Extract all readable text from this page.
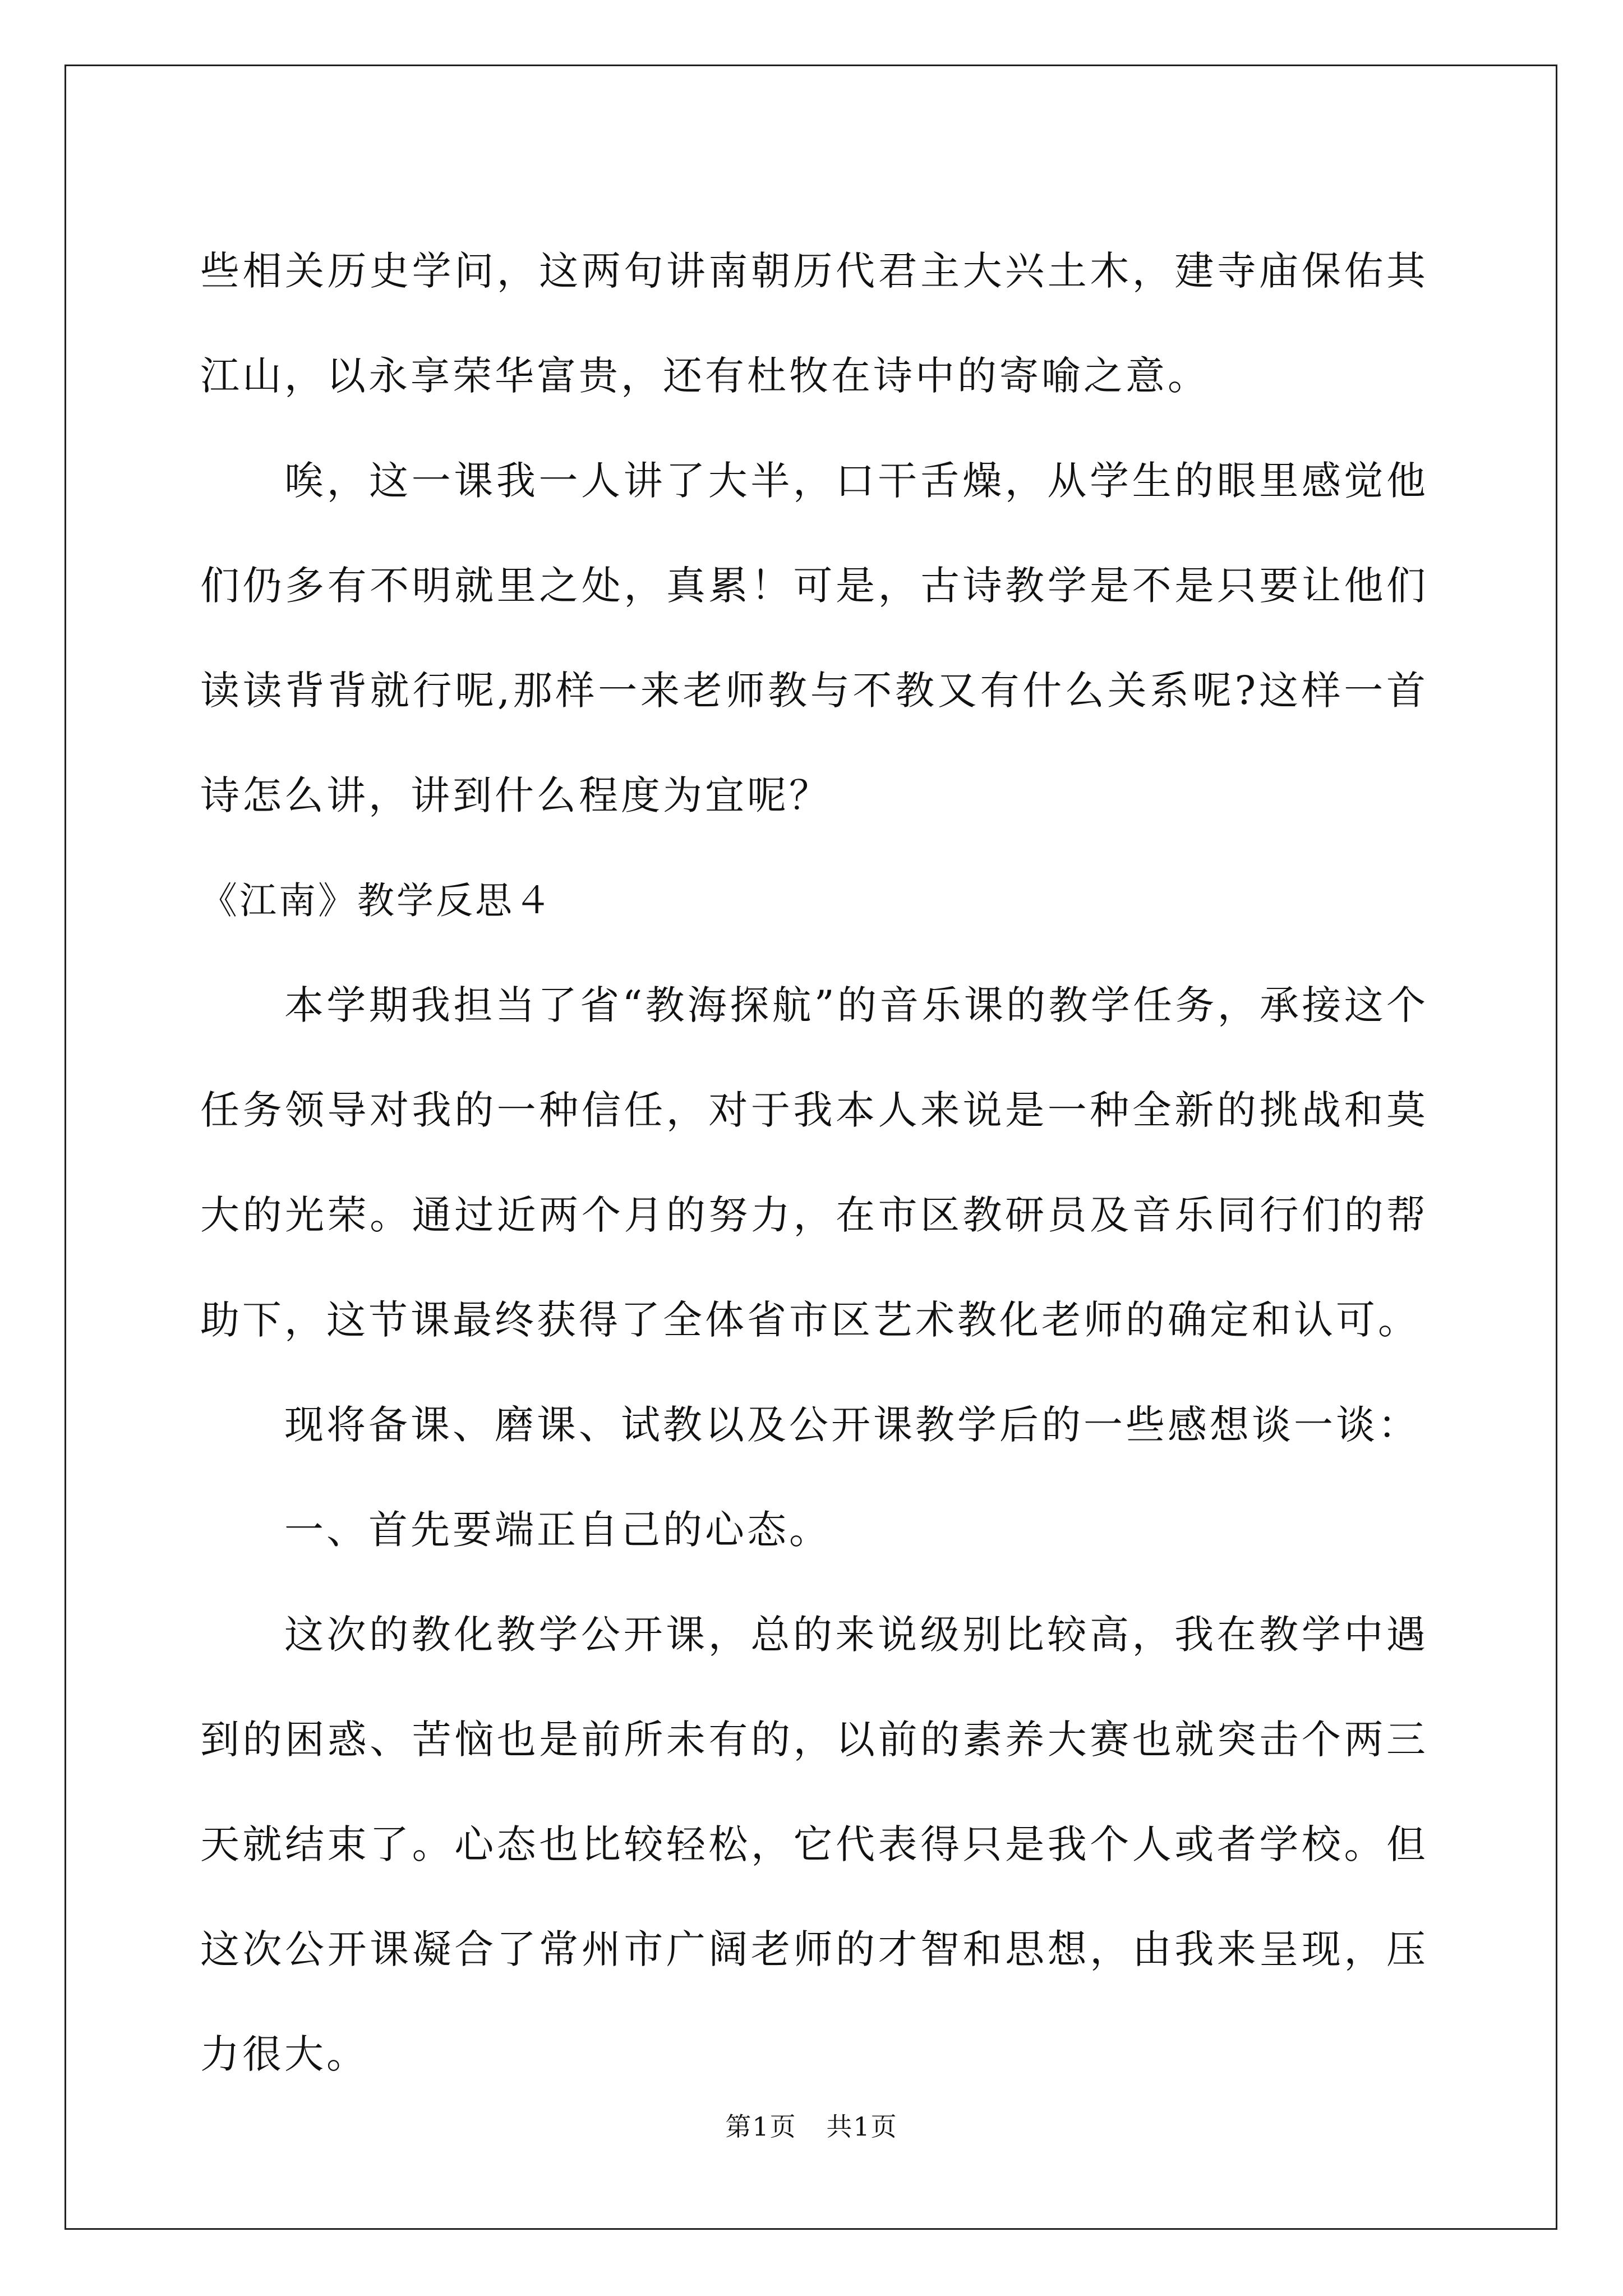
些相关历史学问，这两句讲南朝历代君主大兴土木，建寺庙保佑其江山，以永享荣华富贵，还有杜牧在诗中的寄喻之意。

唉，这一课我一人讲了大半，口干舌燥，从学生的眼里感觉他们仍多有不明就里之处，真累！可是，古诗教学是不是只要让他们读读背背就行呢,那样一来老师教与不教又有什么关系呢?这样一首诗怎么讲，讲到什么程度为宜呢？

《江南》教学反思４

本学期我担当了省“教海探航”的音乐课的教学任务，承接这个任务领导对我的一种信任，对于我本人来说是一种全新的挑战和莫大的光荣。通过近两个月的努力，在市区教研员及音乐同行们的帮助下，这节课最终获得了全体省市区艺术教化老师的确定和认可。

现将备课、磨课、试教以及公开课教学后的一些感想谈一谈：

一、首先要端正自己的心态。

这次的教化教学公开课，总的来说级别比较高，我在教学中遇到的困惑、苦恼也是前所未有的，以前的素养大赛也就突击个两三天就结束了。心态也比较轻松，它代表得只是我个人或者学校。但这次公开课凝合了常州市广阔老师的才智和思想，由我来呈现，压力很大。

第1页 共1页
